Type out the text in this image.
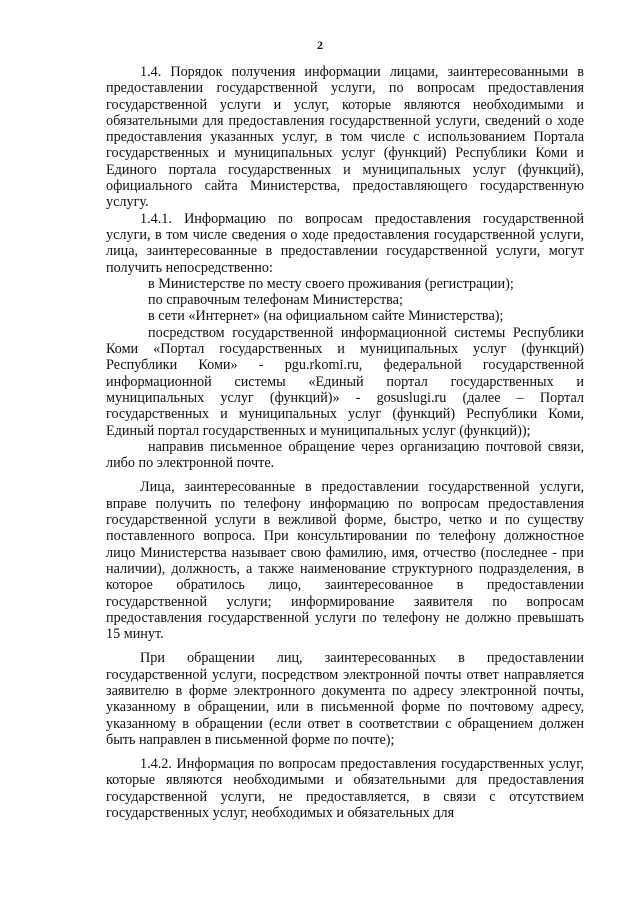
2

1.4. Порядок получения информации лицами, заинтересованными в предоставлении государственной услуги, по вопросам предоставления государственной услуги и услуг, которые являются необходимыми и обязательными для предоставления государственной услуги, сведений о ходе предоставления указанных услуг, в том числе с использованием Портала государственных и муниципальных услуг (функций) Республики Коми и Единого портала государственных и муниципальных услуг (функций), официального сайта Министерства, предоставляющего государственную услугу.

1.4.1. Информацию по вопросам предоставления государственной услуги, в том числе сведения о ходе предоставления государственной услуги, лица, заинтересованные в предоставлении государственной услуги, могут получить непосредственно:

в Министерстве по месту своего проживания (регистрации);

по справочным телефонам Министерства;

в сети «Интернет» (на официальном сайте Министерства);

посредством государственной информационной системы Республики Коми «Портал государственных и муниципальных услуг (функций) Республики Коми» - pgu.rkomi.ru, федеральной государственной информационной системы «Единый портал государственных и муниципальных услуг (функций)» - gosuslugi.ru (далее – Портал государственных и муниципальных услуг (функций) Республики Коми, Единый портал государственных и муниципальных услуг (функций));

направив письменное обращение через организацию почтовой связи, либо по электронной почте.

Лица, заинтересованные в предоставлении государственной услуги, вправе получить по телефону информацию по вопросам предоставления государственной услуги в вежливой форме, быстро, четко и по существу поставленного вопроса. При консультировании по телефону должностное лицо Министерства называет свою фамилию, имя, отчество (последнее - при наличии), должность, а также наименование структурного подразделения, в которое обратилось лицо, заинтересованное в предоставлении государственной услуги; информирование заявителя по вопросам предоставления государственной услуги по телефону не должно превышать 15 минут.

При обращении лиц, заинтересованных в предоставлении государственной услуги, посредством электронной почты ответ направляется заявителю в форме электронного документа по адресу электронной почты, указанному в обращении, или в письменной форме по почтовому адресу, указанному в обращении (если ответ в соответствии с обращением должен быть направлен в письменной форме по почте);

1.4.2. Информация по вопросам предоставления государственных услуг, которые являются необходимыми и обязательными для предоставления государственной услуги, не предоставляется, в связи с отсутствием государственных услуг, необходимых и обязательных для
